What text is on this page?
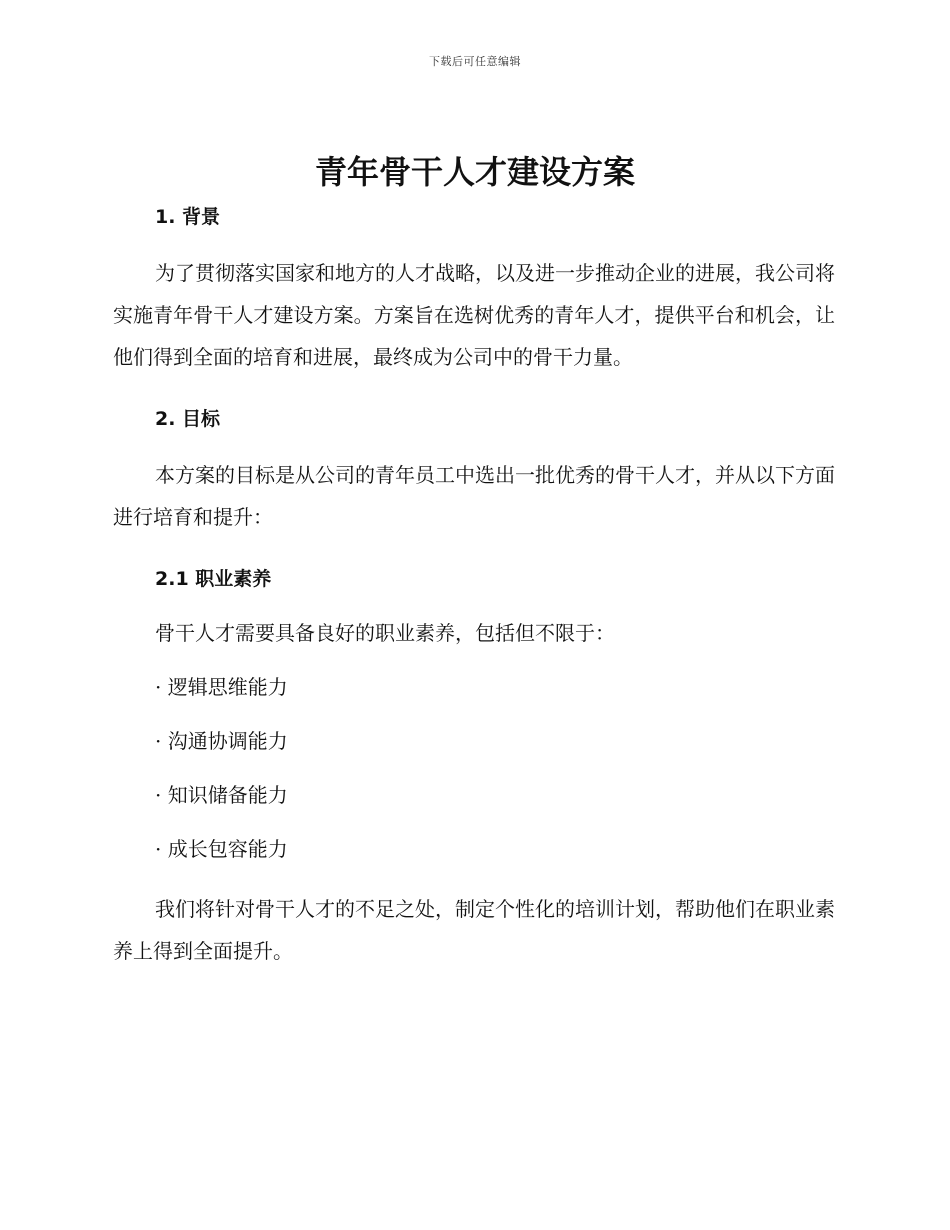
下载后可任意编辑
青年骨干人才建设方案
1. 背景

为了贯彻落实国家和地方的人才战略，以及进一步推动企业的进展，我公司将实施青年骨干人才建设方案。方案旨在选树优秀的青年人才，提供平台和机会，让他们得到全面的培育和进展，最终成为公司中的骨干力量。

2. 目标

本方案的目标是从公司的青年员工中选出一批优秀的骨干人才，并从以下方面进行培育和提升：

2.1 职业素养

骨干人才需要具备良好的职业素养，包括但不限于：

· 逻辑思维能力

· 沟通协调能力

· 知识储备能力

· 成长包容能力

我们将针对骨干人才的不足之处，制定个性化的培训计划，帮助他们在职业素养上得到全面提升。
